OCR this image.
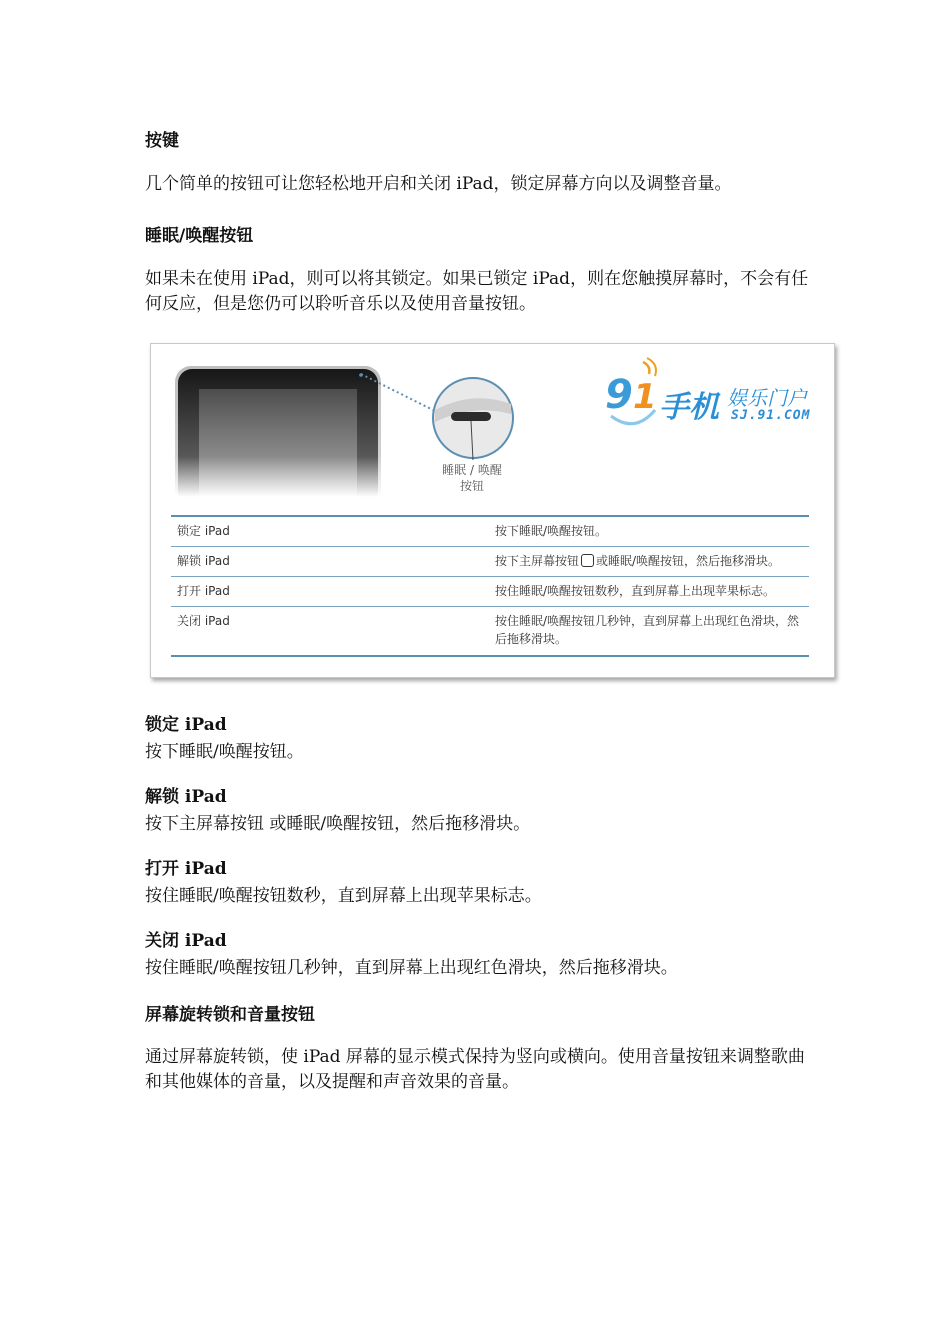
按键
几个简单的按钮可让您轻松地开启和关闭 iPad，锁定屏幕方向以及调整音量。
睡眠/唤醒按钮
如果未在使用 iPad，则可以将其锁定。如果已锁定 iPad，则在您触摸屏幕时，不会有任何反应，但是您仍可以聆听音乐以及使用音量按钮。
睡眠 / 唤醒
按钮
9 1 手机 娱乐门户
SJ.91.COM
锁定 iPad	按下睡眠/唤醒按钮。
解锁 iPad	按下主屏幕按钮 或睡眠/唤醒按钮，然后拖移滑块。
打开 iPad	按住睡眠/唤醒按钮数秒，直到屏幕上出现苹果标志。
关闭 iPad	按住睡眠/唤醒按钮几秒钟，直到屏幕上出现红色滑块，然后拖移滑块。
锁定 iPad
按下睡眠/唤醒按钮。
解锁 iPad
按下主屏幕按钮 或睡眠/唤醒按钮，然后拖移滑块。
打开 iPad
按住睡眠/唤醒按钮数秒，直到屏幕上出现苹果标志。
关闭 iPad
按住睡眠/唤醒按钮几秒钟，直到屏幕上出现红色滑块，然后拖移滑块。
屏幕旋转锁和音量按钮
通过屏幕旋转锁，使 iPad 屏幕的显示模式保持为竖向或横向。使用音量按钮来调整歌曲和其他媒体的音量，以及提醒和声音效果的音量。
